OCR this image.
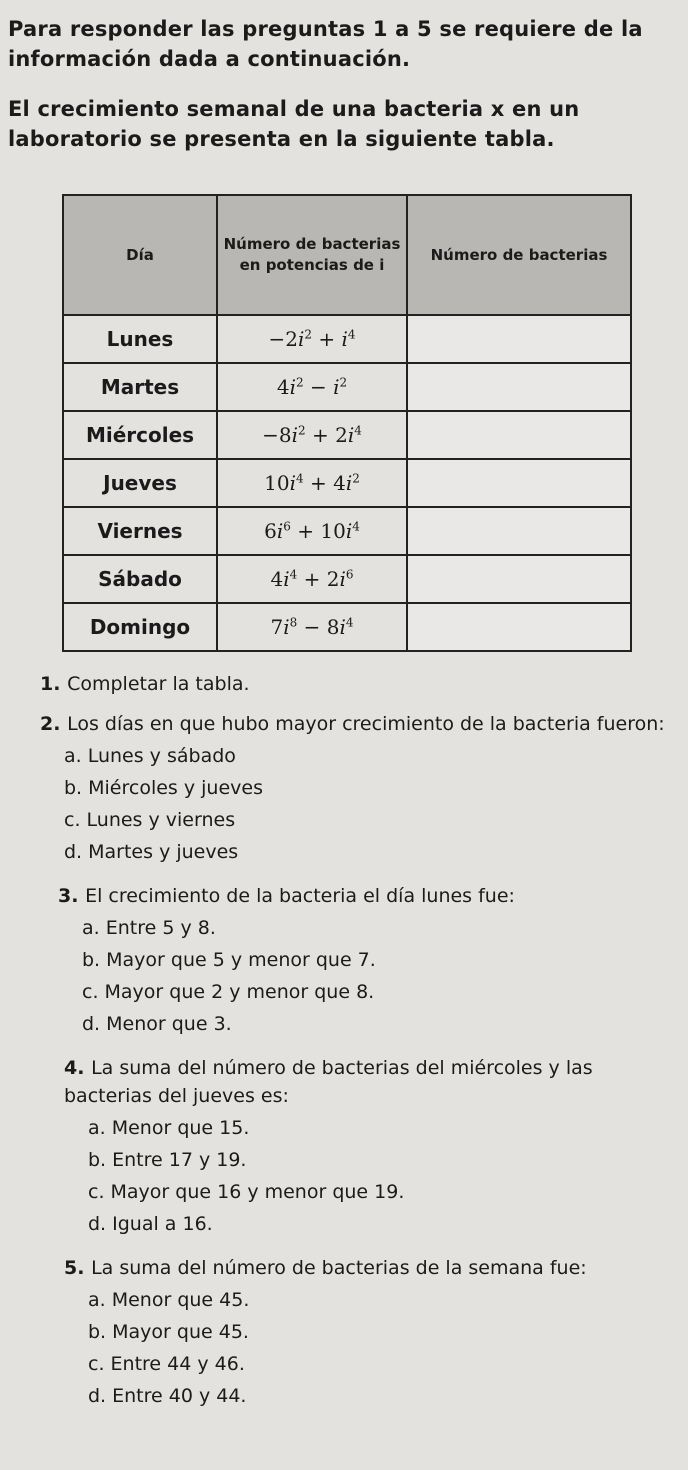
Para responder las preguntas 1 a 5 se requiere de la información dada a continuación.

El crecimiento semanal de una bacteria x en un laboratorio se presenta en la siguiente tabla.

Día	Número de bacterias en potencias de i	Número de bacterias
Lunes	$-2i^2 + i^4$	
Martes	$4i^2 - i^2$	
Miércoles	$-8i^2 + 2i^4$	
Jueves	$10i^4 + 4i^2$	
Viernes	$6i^6 + 10i^4$	
Sábado	$4i^4 + 2i^6$	
Domingo	$7i^8 - 8i^4$	
1. Completar la tabla.
2. Los días en que hubo mayor crecimiento de la bacteria fueron:
a. Lunes y sábado
b. Miércoles y jueves
c. Lunes y viernes
d. Martes y jueves
3. El crecimiento de la bacteria el día lunes fue:
a. Entre 5 y 8.
b. Mayor que 5 y menor que 7.
c. Mayor que 2 y menor que 8.
d. Menor que 3.
4. La suma del número de bacterias del miércoles y las bacterias del jueves es:
a. Menor que 15.
b. Entre 17 y 19.
c. Mayor que 16 y menor que 19.
d. Igual a 16.
5. La suma del número de bacterias de la semana fue:
a. Menor que 45.
b. Mayor que 45.
c. Entre 44 y 46.
d. Entre 40 y 44.
